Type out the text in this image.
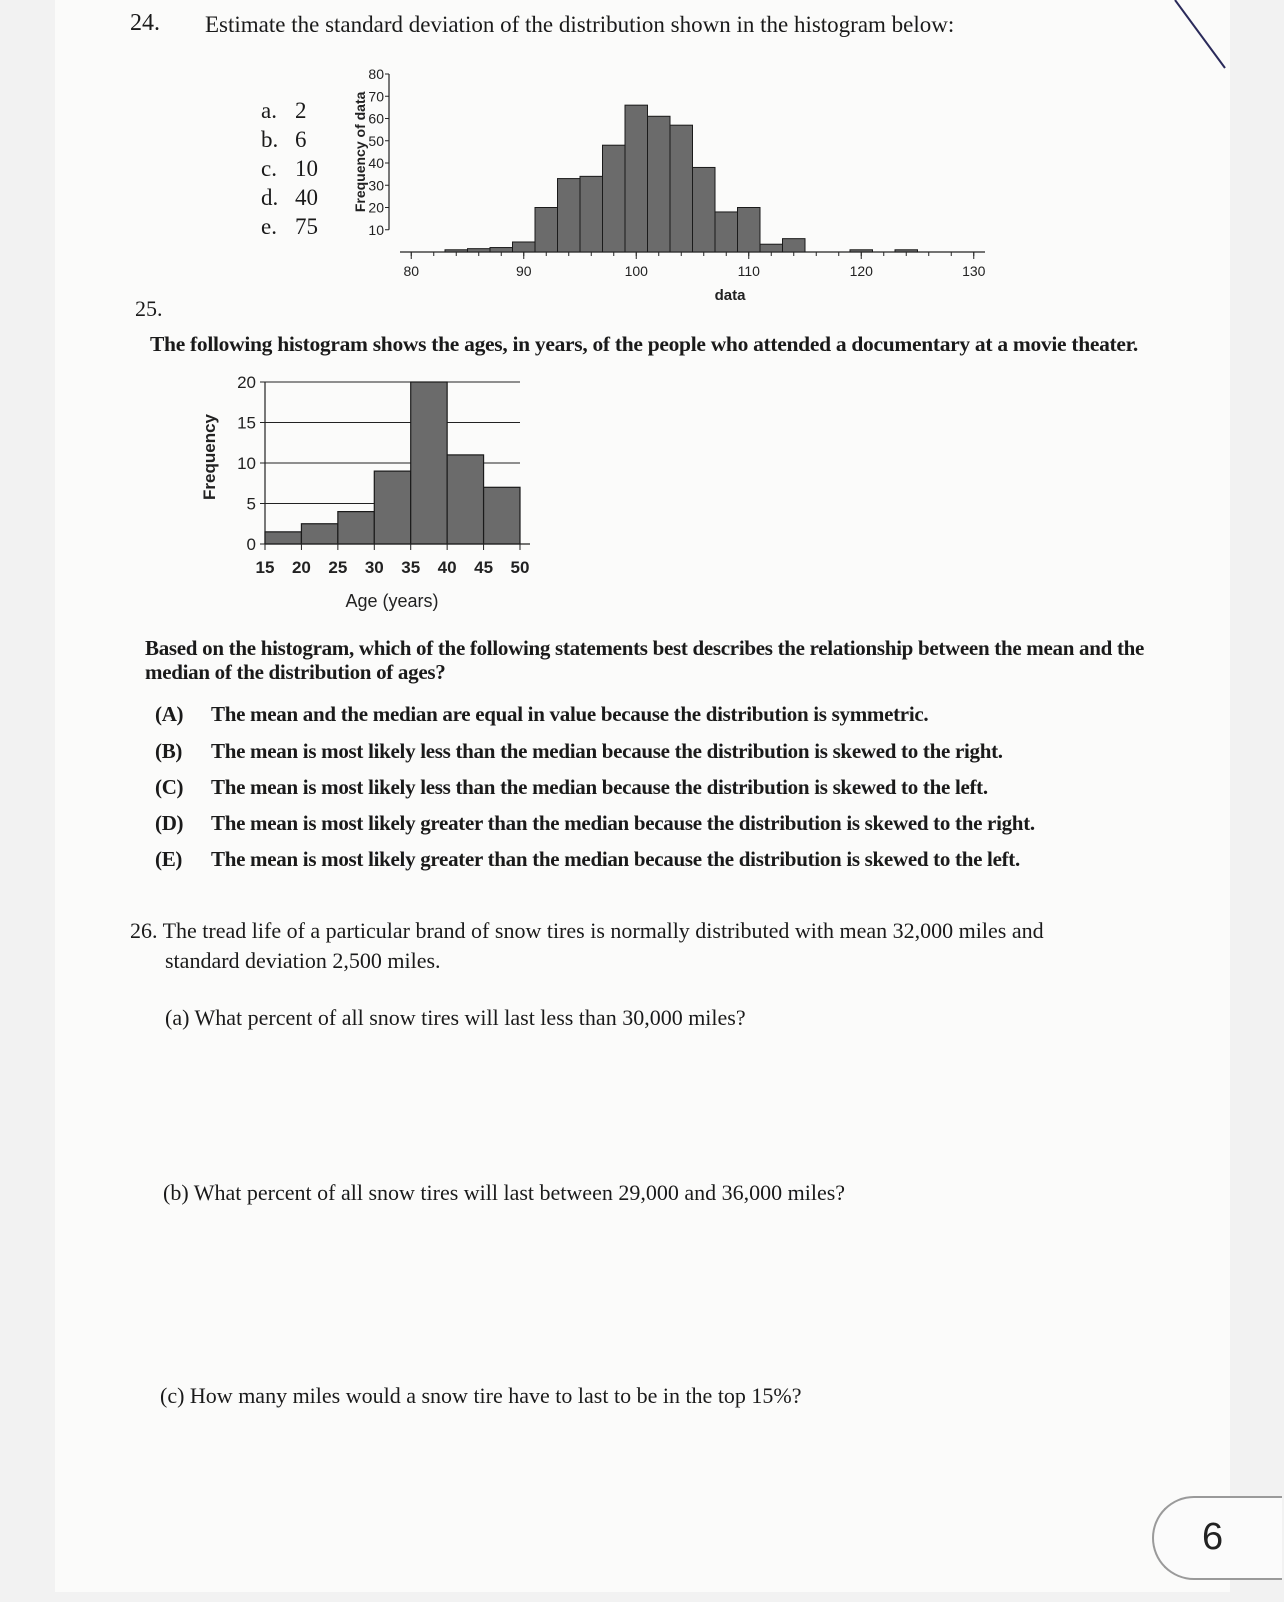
24. Estimate the standard deviation of the distribution shown in the histogram below:
a. 2
b. 6
c. 10
d. 40
e. 75	10
20
30
40
50
60
70
80
Frequency of data
80	90	100	110	120	130
data
25.
The following histogram shows the ages, in years, of the people who attended a documentary at a movie theater.
0
5
10
15
20
Frequency
15 20 25 30 35 40 45 50
Age (years)
Based on the histogram, which of the following statements best describes the relationship between the mean and the median of the distribution of ages?
(A) The mean and the median are equal in value because the distribution is symmetric.
(B) The mean is most likely less than the median because the distribution is skewed to the right.
(C) The mean is most likely less than the median because the distribution is skewed to the left.
(D) The mean is most likely greater than the median because the distribution is skewed to the right.
(E) The mean is most likely greater than the median because the distribution is skewed to the left.
26. The tread life of a particular brand of snow tires is normally distributed with mean 32,000 miles and
standard deviation 2,500 miles.
(a) What percent of all snow tires will last less than 30,000 miles?
(b) What percent of all snow tires will last between 29,000 and 36,000 miles?
(c) How many miles would a snow tire have to last to be in the top 15%?
6
